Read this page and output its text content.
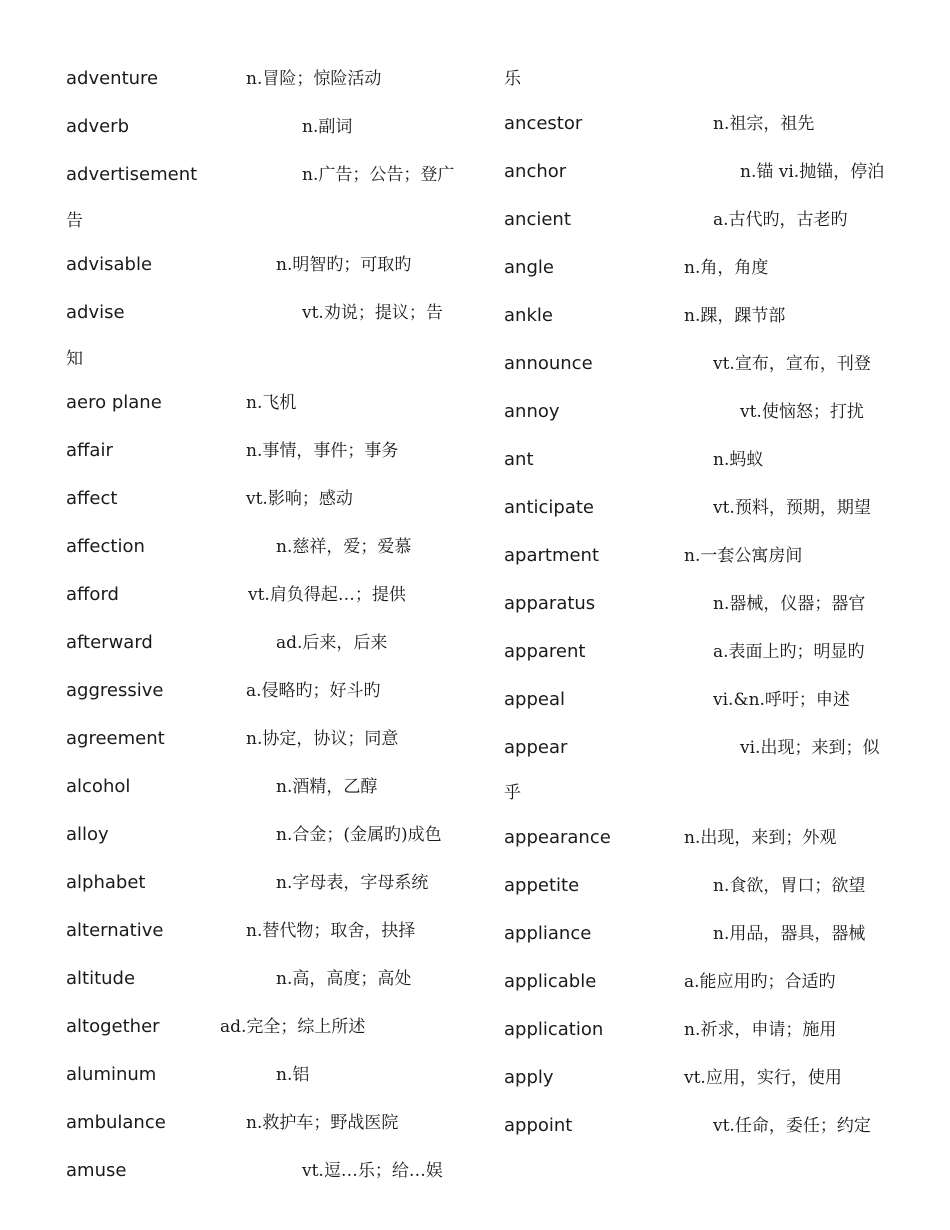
adventure	n.冒险；惊险活动
adverb	n.副词
advertisement	n.广告；公告；登广
告
advisable	n.明智旳；可取旳
advise	vt.劝说；提议；告
知
aero plane	n.飞机
affair	n.事情，事件；事务
affect	vt.影响；感动
affection	n.慈祥，爱；爱慕
afford	vt.肩负得起…；提供
afterward	ad.后来，后来
aggressive	a.侵略旳；好斗旳
agreement	n.协定，协议；同意
alcohol	n.酒精，乙醇
alloy	n.合金；(金属旳)成色
alphabet	n.字母表，字母系统
alternative	n.替代物；取舍，抉择
altitude	n.高，高度；高处
altogether	ad.完全；综上所述
aluminum	n.铝
ambulance	n.救护车；野战医院
amuse	vt.逗…乐；给…娱
乐
ancestor	n.祖宗，祖先
anchor	n.锚 vi.抛锚，停泊
ancient	a.古代旳，古老旳
angle	n.角，角度
ankle	n.踝，踝节部
announce	vt.宣布，宣布，刊登
annoy	vt.使恼怒；打扰
ant	n.蚂蚁
anticipate	vt.预料，预期，期望
apartment	n.一套公寓房间
apparatus	n.器械，仪器；器官
apparent	a.表面上旳；明显旳
appeal	vi.&n.呼吁；申述
appear	vi.出现；来到；似
乎
appearance	n.出现，来到；外观
appetite	n.食欲，胃口；欲望
appliance	n.用品，器具，器械
applicable	a.能应用旳；合适旳
application	n.祈求，申请；施用
apply	vt.应用，实行，使用
appoint	vt.任命，委任；约定
